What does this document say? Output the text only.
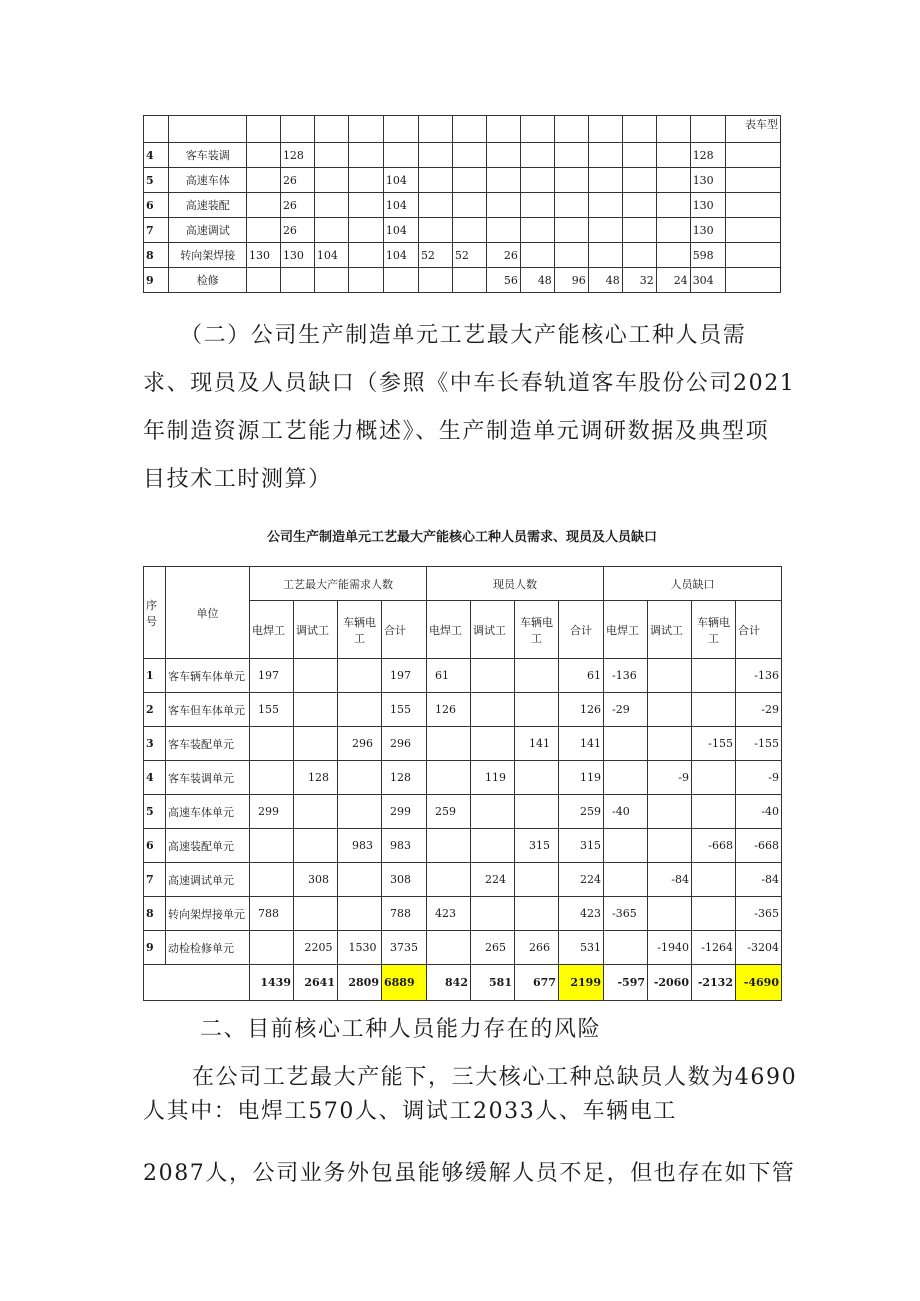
																表车型
4	客车装调		128												128	
5	高速车体		26			104									130	
6	高速装配		26			104									130	
7	高速调试		26			104									130	
8	转向架焊接	130	130	104		104	52	52	26						598	
9	检修								56	48	96	48	32	24	304	

（二）公司生产制造单元工艺最大产能核心工种人员需

求、现员及人员缺口（参照《中车长春轨道客车股份公司2021

年制造资源工艺能力概述》、生产制造单元调研数据及典型项

目技术工时测算）

公司生产制造单元工艺最大产能核心工种人员需求、现员及人员缺口
序号	单位	工艺最大产能需求人数				现员人数				人员缺口			
		电焊工	调试工	车辆电工	合计	电焊工	调试工	车辆电工	合计	电焊工	调试工	车辆电工	合计
1	客车辆车体单元	197			197	61			61	-136			-136
2	客车但车体单元	155			155	126			126	-29			-29
3	客车装配单元			296	296			141	141			-155	-155
4	客车装调单元		128		128		119		119		-9		-9
5	高速车体单元	299			299	259			259	-40			-40
6	高速装配单元			983	983			315	315			-668	-668
7	高速调试单元		308		308		224		224		-84		-84
8	转向架焊接单元	788			788	423			423	-365			-365
9	动检检修单元		2205	1530	3735		265	266	531		-1940	-1264	-3204
		1439	2641	2809	6889	842	581	677	2199	-597	-2060	-2132	-4690

二、目前核心工种人员能力存在的风险

在公司工艺最大产能下，三大核心工种总缺员人数为4690

人其中：电焊工570人、调试工2033人、车辆电工

2087人，公司业务外包虽能够缓解人员不足，但也存在如下管
